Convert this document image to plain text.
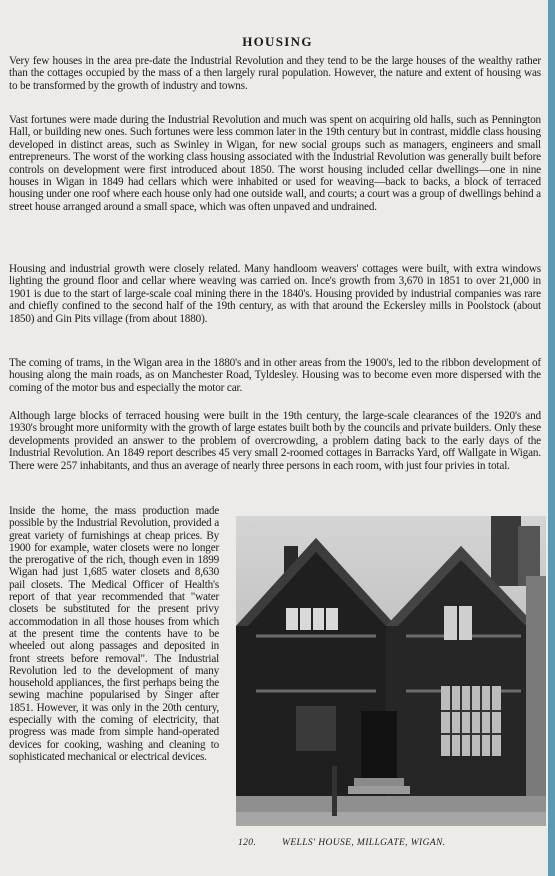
HOUSING

Very few houses in the area pre-date the Industrial Revolution and they tend to be the large houses of the wealthy rather than the cottages occupied by the mass of a then largely rural population. However, the nature and extent of housing was to be transformed by the growth of industry and towns.

Vast fortunes were made during the Industrial Revolution and much was spent on acquiring old halls, such as Pennington Hall, or building new ones. Such fortunes were less common later in the 19th century but in contrast, middle class housing developed in distinct areas, such as Swinley in Wigan, for new social groups such as managers, engineers and small entrepreneurs. The worst of the working class housing associated with the Industrial Revolution was generally built before controls on development were first introduced about 1850. The worst housing included cellar dwellings—one in nine houses in Wigan in 1849 had cellars which were inhabited or used for weaving—back to backs, a block of terraced housing under one roof where each house only had one outside wall, and courts; a court was a group of dwellings behind a street house arranged around a small space, which was often unpaved and undrained.

Housing and industrial growth were closely related. Many handloom weavers' cottages were built, with extra windows lighting the ground floor and cellar where weaving was carried on. Ince's growth from 3,670 in 1851 to over 21,000 in 1901 is due to the start of large-scale coal mining there in the 1840's. Housing provided by industrial companies was rare and chiefly confined to the second half of the 19th century, as with that around the Eckersley mills in Poolstock (about 1850) and Gin Pits village (from about 1880).

The coming of trams, in the Wigan area in the 1880's and in other areas from the 1900's, led to the ribbon development of housing along the main roads, as on Manchester Road, Tyldesley. Housing was to become even more dispersed with the coming of the motor bus and especially the motor car.

Although large blocks of terraced housing were built in the 19th century, the large-scale clearances of the 1920's and 1930's brought more uniformity with the growth of large estates built both by the councils and private builders. Only these developments provided an answer to the problem of overcrowding, a problem dating back to the early days of the Industrial Revolution. An 1849 report describes 45 very small 2-roomed cottages in Barracks Yard, off Wallgate in Wigan. There were 257 inhabitants, and thus an average of nearly three persons in each room, with just four privies in total.

Inside the home, the mass production made possible by the Industrial Revolution, provided a great variety of furnishings at cheap prices. By 1900 for example, water closets were no longer the prerogative of the rich, though even in 1899 Wigan had just 1,685 water closets and 8,630 pail closets. The Medical Officer of Health's report of that year recommended that "water closets be substituted for the present privy accommodation in all those houses from which at the present time the contents have to be wheeled out along passages and deposited in front streets before removal". The Industrial Revolution led to the development of many household appliances, the first perhaps being the sewing machine popularised by Singer after 1851. However, it was only in the 20th century, especially with the coming of electricity, that progress was made from simple hand-operated devices for cooking, washing and cleaning to sophisticated mechanical or electrical devices.

120.	WELLS' HOUSE, MILLGATE, WIGAN.
